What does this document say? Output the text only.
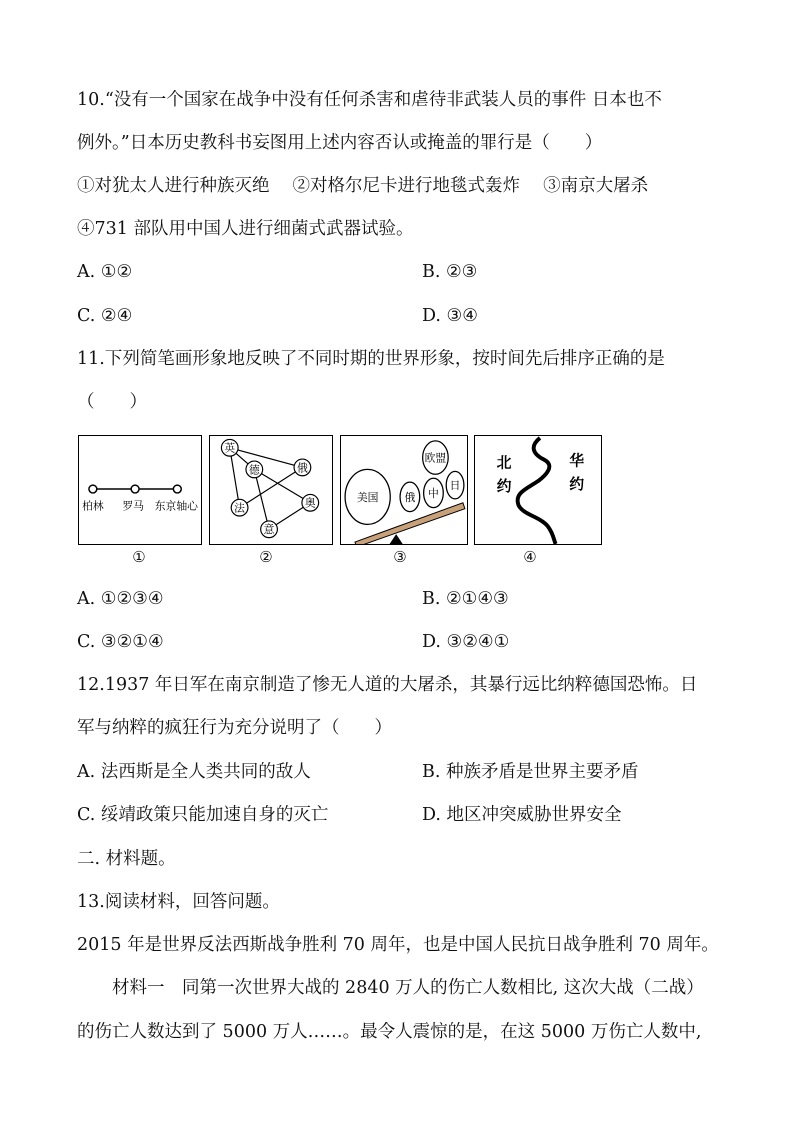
10.“没有一个国家在战争中没有任何杀害和虐待非武装人员的事件 日本也不
例外。”日本历史教科书妄图用上述内容否认或掩盖的罪行是（　　）
①对犹太人进行种族灭绝　 ②对格尔尼卡进行地毯式轰炸　 ③南京大屠杀
④731 部队用中国人进行细菌式武器试验。
A. ①②	B. ②③
C. ②④	D. ③④
11.下列简笔画形象地反映了不同时期的世界形象，按时间先后排序正确的是
（　　）
柏林 罗马 东京轴心
英
俄
德
法	奥
意
美国 俄 中
欧盟
日
北
约
华
约
①	②	③	④
A. ①②③④	B. ②①④③
C. ③②①④	D. ③②④①
12.1937 年日军在南京制造了惨无人道的大屠杀，其暴行远比纳粹德国恐怖。日
军与纳粹的疯狂行为充分说明了（　　）
A. 法西斯是全人类共同的敌人	B. 种族矛盾是世界主要矛盾
C. 绥靖政策只能加速自身的灭亡	D. 地区冲突威胁世界安全
二. 材料题。
13.阅读材料，回答问题。
2015 年是世界反法西斯战争胜利 70 周年，也是中国人民抗日战争胜利 70 周年。
材料一　同第一次世界大战的 2840 万人的伤亡人数相比, 这次大战（二战）
的伤亡人数达到了 5000 万人……。最令人震惊的是，在这 5000 万伤亡人数中,
